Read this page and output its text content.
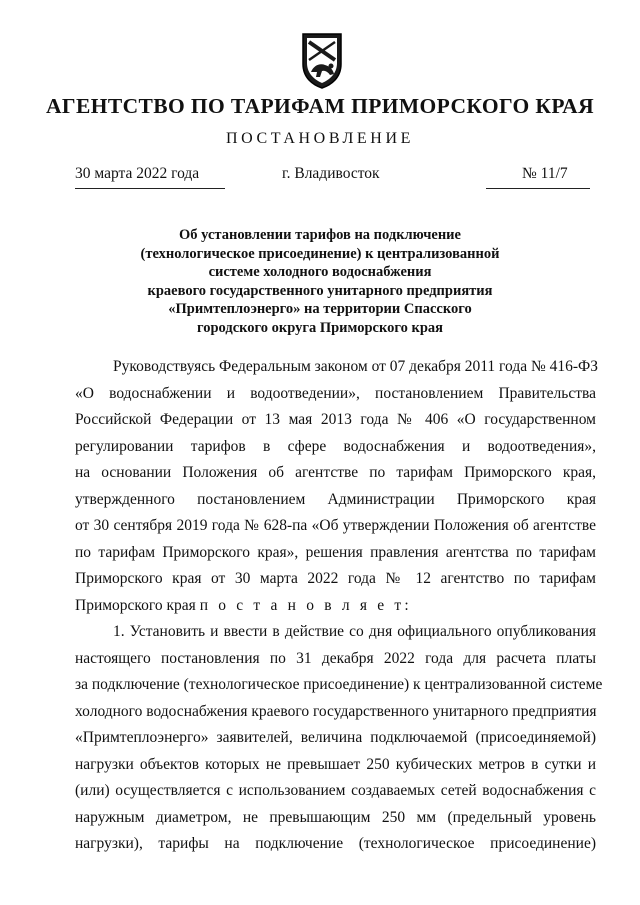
АГЕНТСТВО ПО ТАРИФАМ ПРИМОРСКОГО КРАЯ
ПОСТАНОВЛЕНИЕ
30 марта 2022 года	г. Владивосток	№ 11/7
Об установлении тарифов на подключение
(технологическое присоединение) к централизованной
системе холодного водоснабжения
краевого государственного унитарного предприятия
«Примтеплоэнерго» на территории Спасского
городского округа Приморского края
Руководствуясь Федеральным законом от 07 декабря 2011 года № 416-ФЗ
«О водоснабжении и водоотведении», постановлением Правительства
Российской Федерации от 13 мая 2013 года № 406 «О государственном
регулировании тарифов в сфере водоснабжения и водоотведения»,
на основании Положения об агентстве по тарифам Приморского края,
утвержденного постановлением Администрации Приморского края
от 30 сентября 2019 года № 628-па «Об утверждении Положения об агентстве
по тарифам Приморского края», решения правления агентства по тарифам
Приморского края от 30 марта 2022 года № 12 агентство по тарифам
Приморского края п о с т а н о в л я е т:
1. Установить и ввести в действие со дня официального опубликования
настоящего постановления по 31 декабря 2022 года для расчета платы
за подключение (технологическое присоединение) к централизованной системе
холодного водоснабжения краевого государственного унитарного предприятия
«Примтеплоэнерго» заявителей, величина подключаемой (присоединяемой)
нагрузки объектов которых не превышает 250 кубических метров в сутки и
(или) осуществляется с использованием создаваемых сетей водоснабжения с
наружным диаметром, не превышающим 250 мм (предельный уровень
нагрузки), тарифы на подключение (технологическое присоединение)
